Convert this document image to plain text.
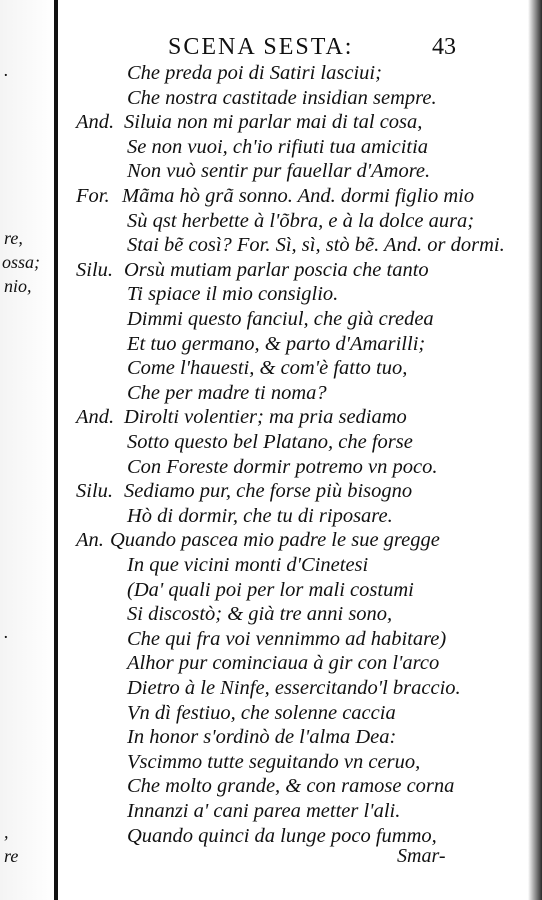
SCENA SESTA:	43
.
re,
ossa;
nio,
.
,
re
Che preda poi di Satiri lasciui;
Che nostra castitade insidian sempre.
And. Siluia non mi parlar mai di tal cosa,
Se non vuoi, ch'io rifiuti tua amicitia
Non vuò sentir pur fauellar d'Amore.
For. Mãma hò grã sonno. And. dormi figlio mio
Sù qst herbette à l'õbra, e à la dolce aura;
Stai bẽ così? For. Sì, sì, stò bẽ. And. or dormi.
Silu. Orsù mutiam parlar poscia che tanto
Ti spiace il mio consiglio.
Dimmi questo fanciul, che già credea
Et tuo germano, & parto d'Amarilli;
Come l'hauesti, & com'è fatto tuo,
Che per madre ti noma?
And. Dirolti volentier; ma pria sediamo
Sotto questo bel Platano, che forse
Con Foreste dormir potremo vn poco.
Silu. Sediamo pur, che forse più bisogno
Hò di dormir, che tu di riposare.
An. Quando pascea mio padre le sue gregge
In que vicini monti d'Cinetesi
(Da' quali poi per lor mali costumi
Si discostò; & già tre anni sono,
Che qui fra voi vennimmo ad habitare)
Alhor pur cominciaua à gir con l'arco
Dietro à le Ninfe, essercitando'l braccio.
Vn dì festiuo, che solenne caccia
In honor s'ordinò de l'alma Dea:
Vscimmo tutte seguitando vn ceruo,
Che molto grande, & con ramose corna
Innanzi a' cani parea metter l'ali.
Quando quinci da lunge poco fummo,
Smar-
